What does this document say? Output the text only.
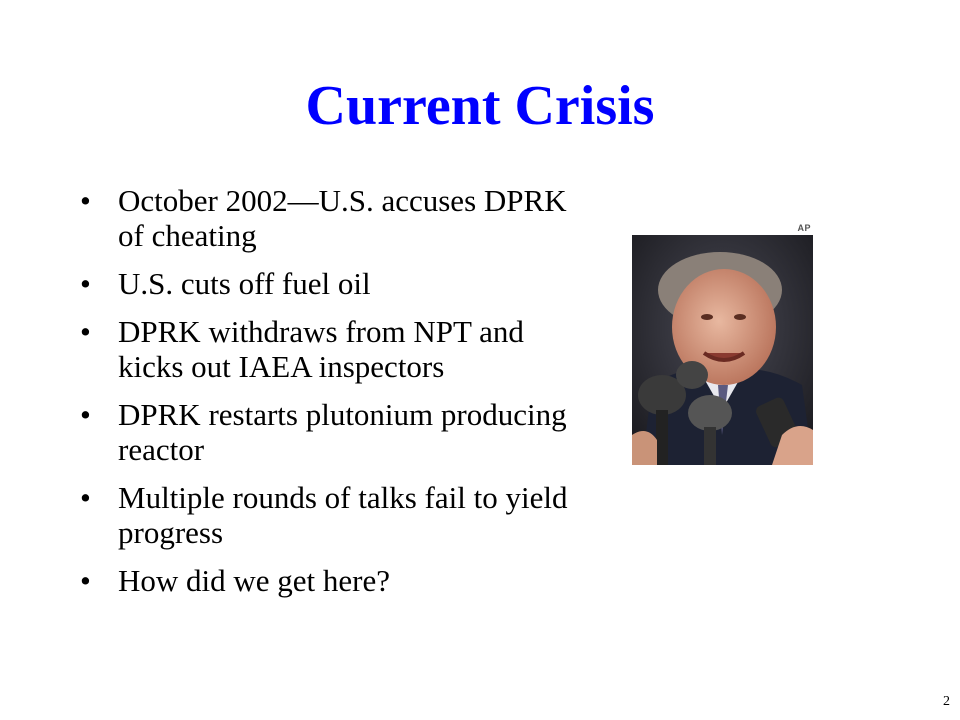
Current Crisis
• October 2002—U.S. accuses DPRK of cheating
• U.S. cuts off fuel oil
• DPRK withdraws from NPT and kicks out IAEA inspectors
• DPRK restarts plutonium producing reactor
• Multiple rounds of talks fail to yield progress
• How did we get here?
AP
2
